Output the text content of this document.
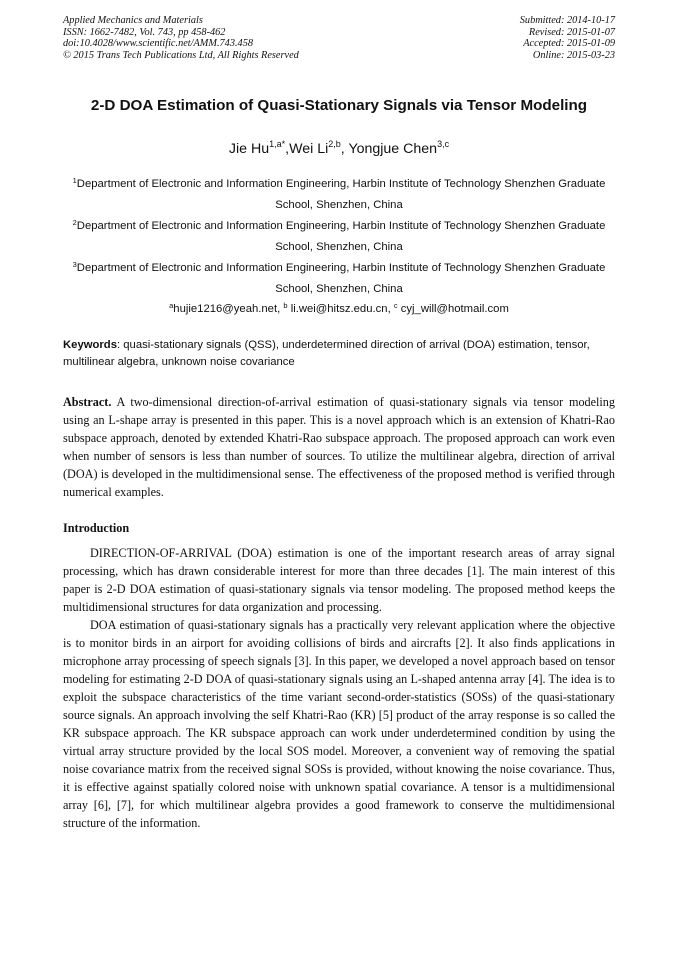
Applied Mechanics and Materials
ISSN: 1662-7482, Vol. 743, pp 458-462
doi:10.4028/www.scientific.net/AMM.743.458
© 2015 Trans Tech Publications Ltd, All Rights Reserved
Submitted: 2014-10-17
Revised: 2015-01-07
Accepted: 2015-01-09
Online: 2015-03-23
2-D DOA Estimation of Quasi-Stationary Signals via Tensor Modeling
Jie $Hu^{1,a*},Wei$ Li$^{2,b}$, Yongjue Chen$^{3,c}$
$^1$Department of Electronic and Information Engineering, Harbin Institute of Technology Shenzhen Graduate School, Shenzhen, China
$^2$Department of Electronic and Information Engineering, Harbin Institute of Technology Shenzhen Graduate School, Shenzhen, China
$^3$Department of Electronic and Information Engineering, Harbin Institute of Technology Shenzhen Graduate School, Shenzhen, China
$^a$hujie1216@yeah.net, $^b$ li.wei@hitsz.edu.cn, $^c$ cyj_will@hotmail.com
Keywords: quasi-stationary signals (QSS), underdetermined direction of arrival (DOA) estimation, tensor, multilinear algebra, unknown noise covariance
Abstract. A two-dimensional direction-of-arrival estimation of quasi-stationary signals via tensor modeling using an L-shape array is presented in this paper. This is a novel approach which is an extension of Khatri-Rao subspace approach, denoted by extended Khatri-Rao subspace approach. The proposed approach can work even when number of sensors is less than number of sources. To utilize the multilinear algebra, direction of arrival (DOA) is developed in the multidimensional sense. The effectiveness of the proposed method is verified through numerical examples.
Introduction

DIRECTION-OF-ARRIVAL (DOA) estimation is one of the important research areas of array signal processing, which has drawn considerable interest for more than three decades [1]. The main interest of this paper is 2-D DOA estimation of quasi-stationary signals via tensor modeling. The proposed method keeps the multidimensional structures for data organization and processing.

DOA estimation of quasi-stationary signals has a practically very relevant application where the objective is to monitor birds in an airport for avoiding collisions of birds and aircrafts [2]. It also finds applications in microphone array processing of speech signals [3]. In this paper, we developed a novel approach based on tensor modeling for estimating 2-D DOA of quasi-stationary signals using an L-shaped antenna array [4]. The idea is to exploit the subspace characteristics of the time variant second-order-statistics (SOSs) of the quasi-stationary source signals. An approach involving the self Khatri-Rao (KR) [5] product of the array response is so called the KR subspace approach. The KR subspace approach can work under underdetermined condition by using the virtual array structure provided by the local SOS model. Moreover, a convenient way of removing the spatial noise covariance matrix from the received signal SOSs is provided, without knowing the noise covariance. Thus, it is effective against spatially colored noise with unknown spatial covariance. A tensor is a multidimensional array [6], [7], for which multilinear algebra provides a good framework to conserve the multidimensional structure of the information.
